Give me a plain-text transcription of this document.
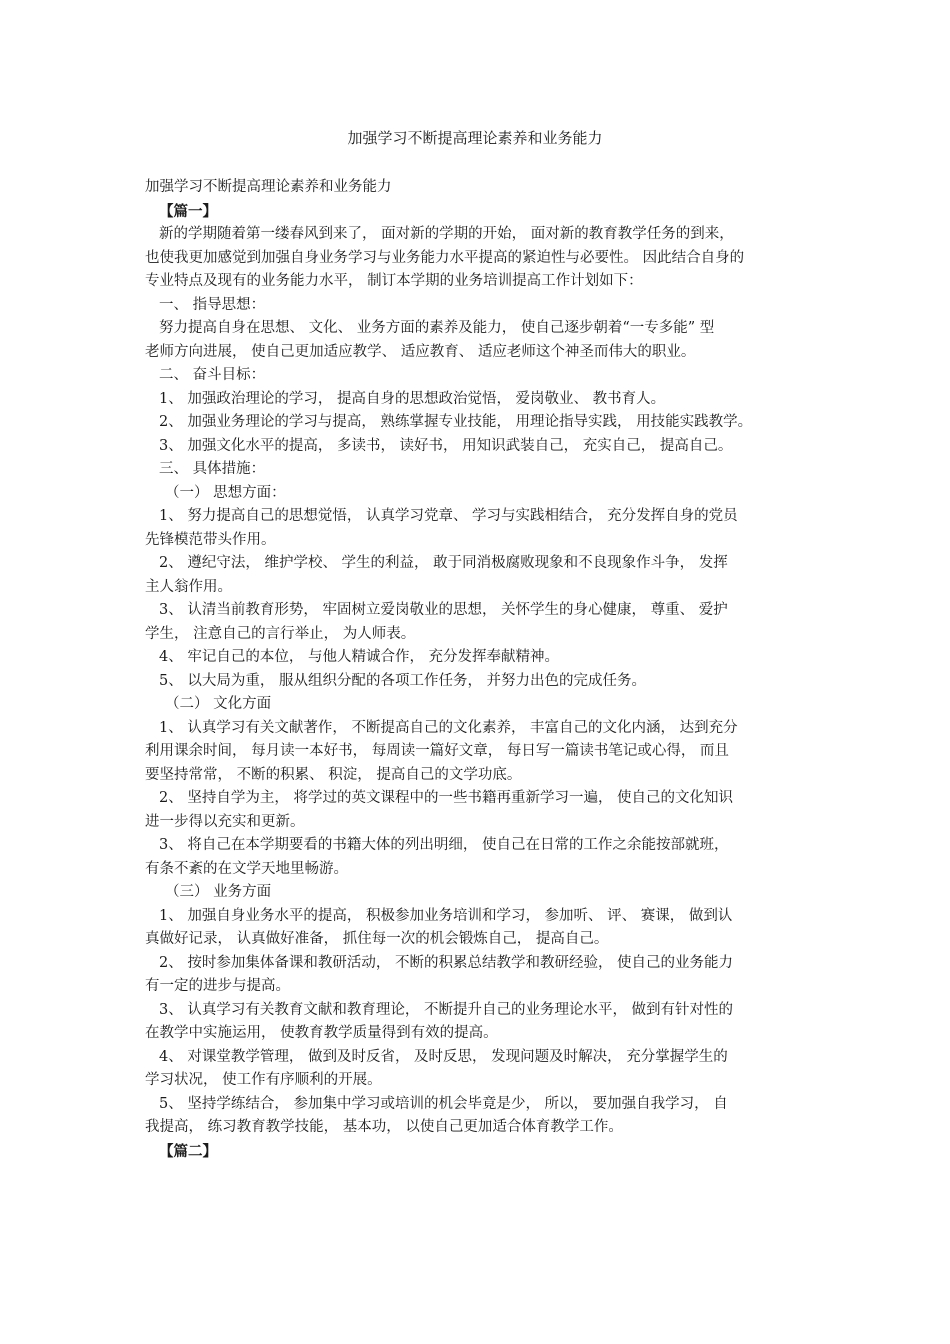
加强学习不断提高理论素养和业务能力

加强学习不断提高理论素养和业务能力

【篇一】

新的学期随着第一缕春风到来了， 面对新的学期的开始， 面对新的教育教学任务的到来，

也使我更加感觉到加强自身业务学习与业务能力水平提高的紧迫性与必要性。 因此结合自身的

专业特点及现有的业务能力水平， 制订本学期的业务培训提高工作计划如下：

一、 指导思想：

努力提高自身在思想、 文化、 业务方面的素养及能力， 使自己逐步朝着“一专多能” 型

老师方向进展， 使自己更加适应教学、 适应教育、 适应老师这个神圣而伟大的职业。

二、 奋斗目标：

1、 加强政治理论的学习， 提高自身的思想政治觉悟， 爱岗敬业、 教书育人。

2、 加强业务理论的学习与提高， 熟练掌握专业技能， 用理论指导实践， 用技能实践教学。

3、 加强文化水平的提高， 多读书， 读好书， 用知识武装自己， 充实自己， 提高自己。

三、 具体措施：

（一） 思想方面：

1、 努力提高自己的思想觉悟， 认真学习党章、 学习与实践相结合， 充分发挥自身的党员

先锋模范带头作用。

2、 遵纪守法， 维护学校、 学生的利益， 敢于同消极腐败现象和不良现象作斗争， 发挥

主人翁作用。

3、 认清当前教育形势， 牢固树立爱岗敬业的思想， 关怀学生的身心健康， 尊重、 爱护

学生， 注意自己的言行举止， 为人师表。

4、 牢记自己的本位， 与他人精诚合作， 充分发挥奉献精神。

5、 以大局为重， 服从组织分配的各项工作任务， 并努力出色的完成任务。

（二） 文化方面

1、 认真学习有关文献著作， 不断提高自己的文化素养， 丰富自己的文化内涵， 达到充分

利用课余时间， 每月读一本好书， 每周读一篇好文章， 每日写一篇读书笔记或心得， 而且

要坚持常常， 不断的积累、 积淀， 提高自己的文学功底。

2、 坚持自学为主， 将学过的英文课程中的一些书籍再重新学习一遍， 使自己的文化知识

进一步得以充实和更新。

3、 将自己在本学期要看的书籍大体的列出明细， 使自己在日常的工作之余能按部就班，

有条不紊的在文学天地里畅游。

（三） 业务方面

1、 加强自身业务水平的提高， 积极参加业务培训和学习， 参加听、 评、 赛课， 做到认

真做好记录， 认真做好准备， 抓住每一次的机会锻炼自己， 提高自己。

2、 按时参加集体备课和教研活动， 不断的积累总结教学和教研经验， 使自己的业务能力

有一定的进步与提高。

3、 认真学习有关教育文献和教育理论， 不断提升自己的业务理论水平， 做到有针对性的

在教学中实施运用， 使教育教学质量得到有效的提高。

4、 对课堂教学管理， 做到及时反省， 及时反思， 发现问题及时解决， 充分掌握学生的

学习状况， 使工作有序顺利的开展。

5、 坚持学练结合， 参加集中学习或培训的机会毕竟是少， 所以， 要加强自我学习， 自

我提高， 练习教育教学技能， 基本功， 以使自己更加适合体育教学工作。

【篇二】
